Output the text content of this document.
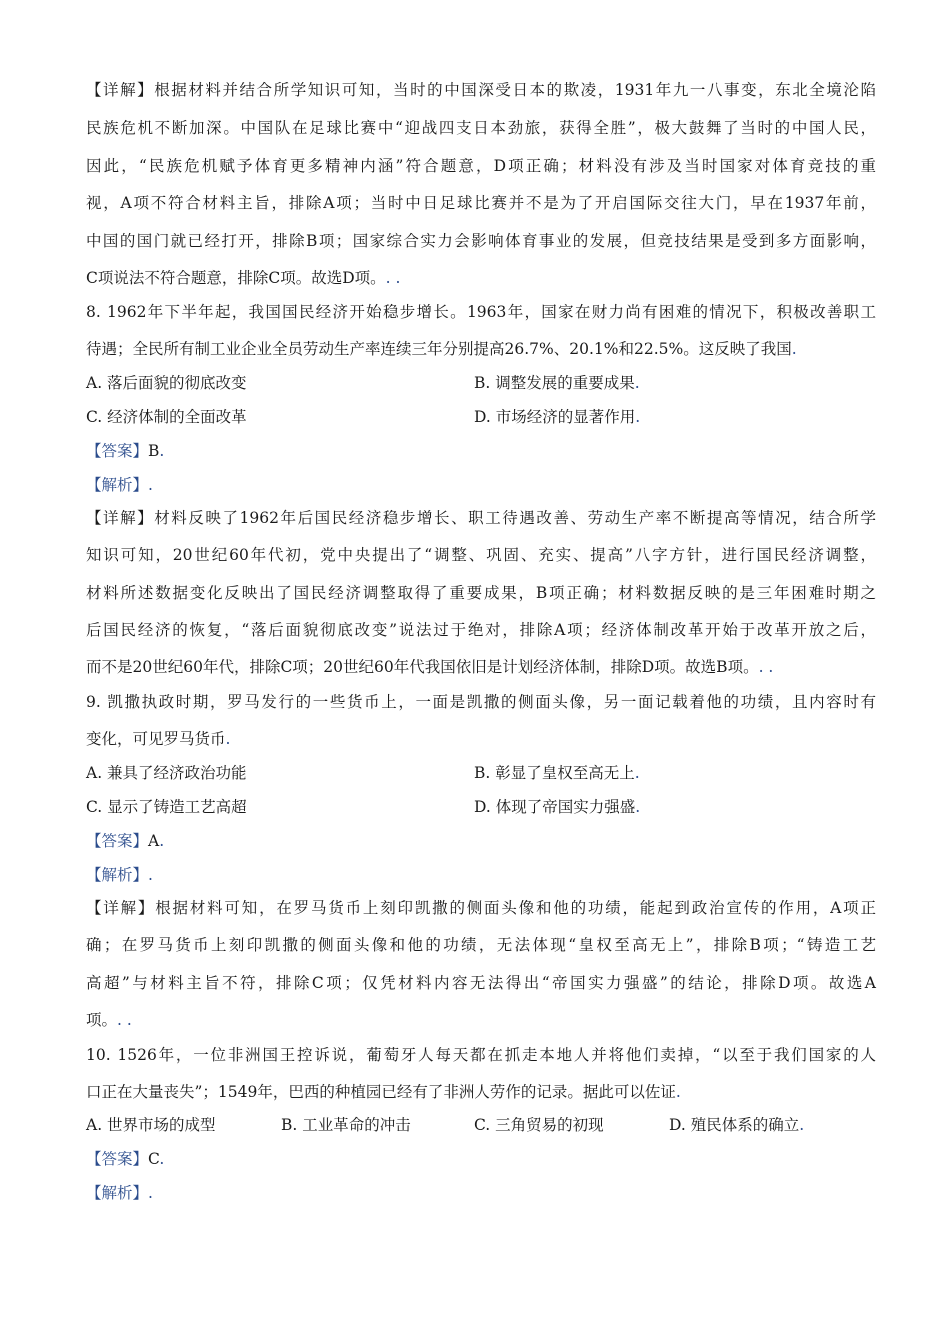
【详解】根据材料并结合所学知识可知，当时的中国深受日本的欺凌，1931年九一八事变，东北全境沦陷
民族危机不断加深。中国队在足球比赛中“迎战四支日本劲旅，获得全胜”，极大鼓舞了当时的中国人民，
因此，“民族危机赋予体育更多精神内涵”符合题意，D项正确；材料没有涉及当时国家对体育竞技的重
视，A项不符合材料主旨，排除A项；当时中日足球比赛并不是为了开启国际交往大门，早在1937年前，
中国的国门就已经打开，排除B项；国家综合实力会影响体育事业的发展，但竞技结果是受到多方面影响，
C项说法不符合题意，排除C项。故选D项。. .
8. 1962年下半年起，我国国民经济开始稳步增长。1963年，国家在财力尚有困难的情况下，积极改善职工
待遇；全民所有制工业企业全员劳动生产率连续三年分别提高26.7%、20.1%和22.5%。这反映了我国.
A. 落后面貌的彻底改变	B. 调整发展的重要成果.
C. 经济体制的全面改革	D. 市场经济的显著作用.
【答案】B.
【解析】.
【详解】材料反映了1962年后国民经济稳步增长、职工待遇改善、劳动生产率不断提高等情况，结合所学
知识可知，20世纪60年代初，党中央提出了“调整、巩固、充实、提高”八字方针，进行国民经济调整，
材料所述数据变化反映出了国民经济调整取得了重要成果，B项正确；材料数据反映的是三年困难时期之
后国民经济的恢复，“落后面貌彻底改变”说法过于绝对，排除A项；经济体制改革开始于改革开放之后，
而不是20世纪60年代，排除C项；20世纪60年代我国依旧是计划经济体制，排除D项。故选B项。. .
9. 凯撒执政时期，罗马发行的一些货币上，一面是凯撒的侧面头像，另一面记载着他的功绩，且内容时有
变化，可见罗马货币.
A. 兼具了经济政治功能	B. 彰显了皇权至高无上.
C. 显示了铸造工艺高超	D. 体现了帝国实力强盛.
【答案】A.
【解析】.
【详解】根据材料可知，在罗马货币上刻印凯撒的侧面头像和他的功绩，能起到政治宣传的作用，A项正
确；在罗马货币上刻印凯撒的侧面头像和他的功绩，无法体现“皇权至高无上”，排除B项；“铸造工艺
高超”与材料主旨不符，排除C项；仅凭材料内容无法得出“帝国实力强盛”的结论，排除D项。故选A
项。. .
10. 1526年，一位非洲国王控诉说，葡萄牙人每天都在抓走本地人并将他们卖掉，“以至于我们国家的人
口正在大量丧失”；1549年，巴西的种植园已经有了非洲人劳作的记录。据此可以佐证.
A. 世界市场的成型	B. 工业革命的冲击	C. 三角贸易的初现	D. 殖民体系的确立.
【答案】C.
【解析】.
